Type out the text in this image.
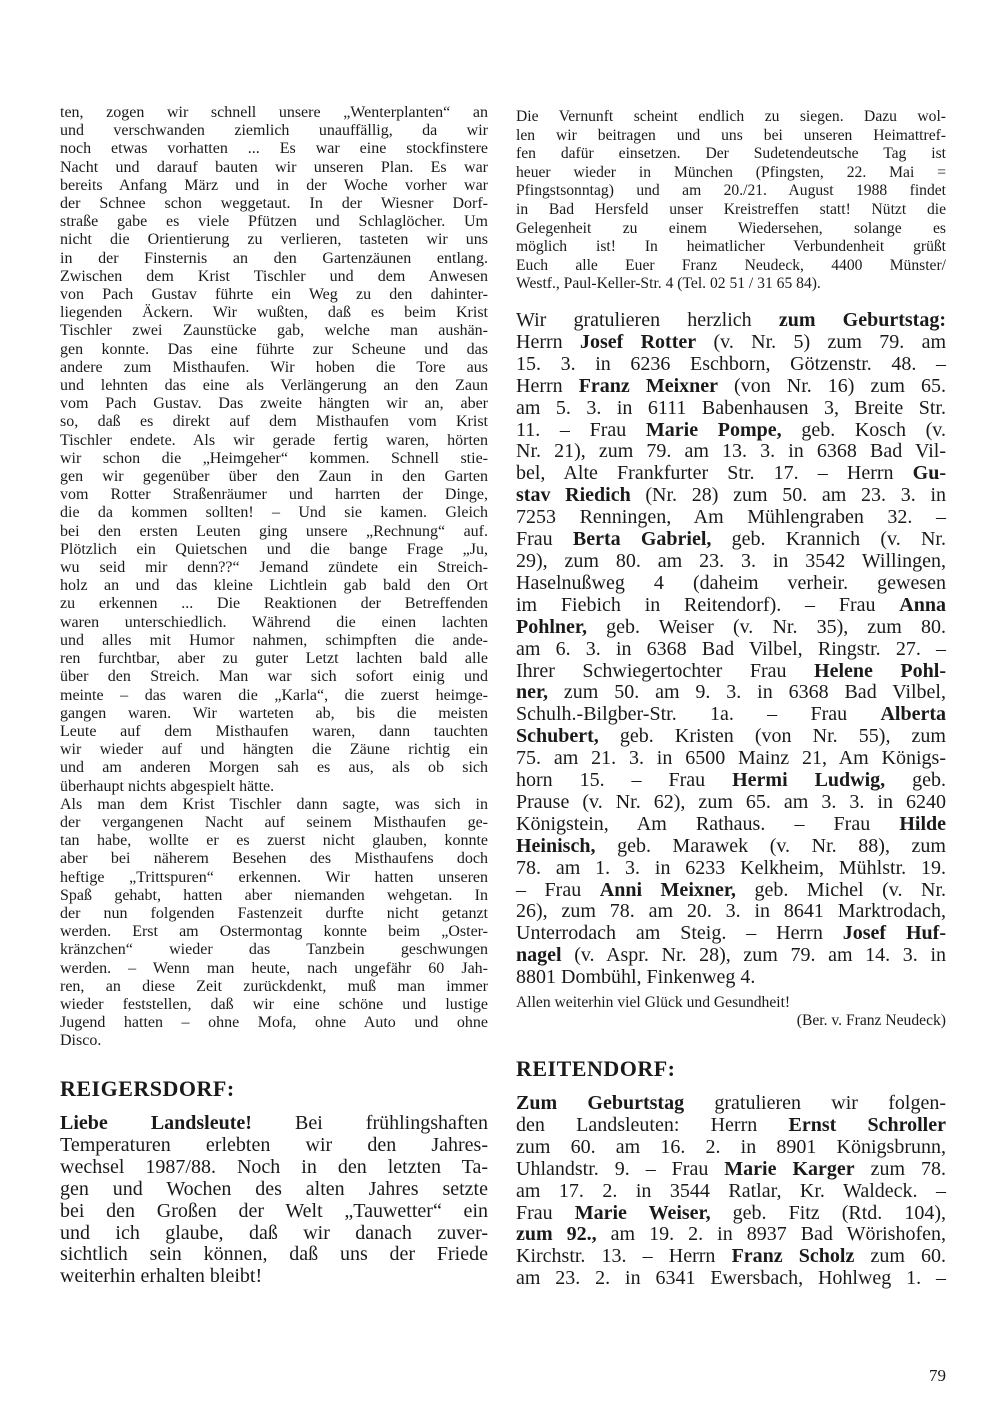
ten, zogen wir schnell unsere „Wenterplanten“ an
und verschwanden ziemlich unauffällig, da wir
noch etwas vorhatten ... Es war eine stockfinstere
Nacht und darauf bauten wir unseren Plan. Es war
bereits Anfang März und in der Woche vorher war
der Schnee schon weggetaut. In der Wiesner Dorf-
straße gabe es viele Pfützen und Schlaglöcher. Um
nicht die Orientierung zu verlieren, tasteten wir uns
in der Finsternis an den Gartenzäunen entlang.
Zwischen dem Krist Tischler und dem Anwesen
von Pach Gustav führte ein Weg zu den dahinter-
liegenden Äckern. Wir wußten, daß es beim Krist
Tischler zwei Zaunstücke gab, welche man aushän-
gen konnte. Das eine führte zur Scheune und das
andere zum Misthaufen. Wir hoben die Tore aus
und lehnten das eine als Verlängerung an den Zaun
vom Pach Gustav. Das zweite hängten wir an, aber
so, daß es direkt auf dem Misthaufen vom Krist
Tischler endete. Als wir gerade fertig waren, hörten
wir schon die „Heimgeher“ kommen. Schnell stie-
gen wir gegenüber über den Zaun in den Garten
vom Rotter Straßenräumer und harrten der Dinge,
die da kommen sollten! – Und sie kamen. Gleich
bei den ersten Leuten ging unsere „Rechnung“ auf.
Plötzlich ein Quietschen und die bange Frage „Ju,
wu seid mir denn??“ Jemand zündete ein Streich-
holz an und das kleine Lichtlein gab bald den Ort
zu erkennen ... Die Reaktionen der Betreffenden
waren unterschiedlich. Während die einen lachten
und alles mit Humor nahmen, schimpften die ande-
ren furchtbar, aber zu guter Letzt lachten bald alle
über den Streich. Man war sich sofort einig und
meinte – das waren die „Karla“, die zuerst heimge-
gangen waren. Wir warteten ab, bis die meisten
Leute auf dem Misthaufen waren, dann tauchten
wir wieder auf und hängten die Zäune richtig ein
und am anderen Morgen sah es aus, als ob sich
überhaupt nichts abgespielt hätte.
Als man dem Krist Tischler dann sagte, was sich in
der vergangenen Nacht auf seinem Misthaufen ge-
tan habe, wollte er es zuerst nicht glauben, konnte
aber bei näherem Besehen des Misthaufens doch
heftige „Trittspuren“ erkennen. Wir hatten unseren
Spaß gehabt, hatten aber niemanden wehgetan. In
der nun folgenden Fastenzeit durfte nicht getanzt
werden. Erst am Ostermontag konnte beim „Oster-
kränzchen“ wieder das Tanzbein geschwungen
werden. – Wenn man heute, nach ungefähr 60 Jah-
ren, an diese Zeit zurückdenkt, muß man immer
wieder feststellen, daß wir eine schöne und lustige
Jugend hatten – ohne Mofa, ohne Auto und ohne
Disco.
REIGERSDORF:
Liebe Landsleute! Bei frühlingshaften
Temperaturen erlebten wir den Jahres-
wechsel 1987/88. Noch in den letzten Ta-
gen und Wochen des alten Jahres setzte
bei den Großen der Welt „Tauwetter“ ein
und ich glaube, daß wir danach zuver-
sichtlich sein können, daß uns der Friede
weiterhin erhalten bleibt!
Die Vernunft scheint endlich zu siegen. Dazu wol-
len wir beitragen und uns bei unseren Heimattref-
fen dafür einsetzen. Der Sudetendeutsche Tag ist
heuer wieder in München (Pfingsten, 22. Mai =
Pfingstsonntag) und am 20./21. August 1988 findet
in Bad Hersfeld unser Kreistreffen statt! Nützt die
Gelegenheit zu einem Wiedersehen, solange es
möglich ist! In heimatlicher Verbundenheit grüßt
Euch alle Euer Franz Neudeck, 4400 Münster/
Westf., Paul-Keller-Str. 4 (Tel. 02 51 / 31 65 84).
Wir gratulieren herzlich zum Geburtstag:
Herrn Josef Rotter (v. Nr. 5) zum 79. am
15. 3. in 6236 Eschborn, Götzenstr. 48. –
Herrn Franz Meixner (von Nr. 16) zum 65.
am 5. 3. in 6111 Babenhausen 3, Breite Str.
11. – Frau Marie Pompe, geb. Kosch (v.
Nr. 21), zum 79. am 13. 3. in 6368 Bad Vil-
bel, Alte Frankfurter Str. 17. – Herrn Gu-
stav Riedich (Nr. 28) zum 50. am 23. 3. in
7253 Renningen, Am Mühlengraben 32. –
Frau Berta Gabriel, geb. Krannich (v. Nr.
29), zum 80. am 23. 3. in 3542 Willingen,
Haselnußweg 4 (daheim verheir. gewesen
im Fiebich in Reitendorf). – Frau Anna
Pohlner, geb. Weiser (v. Nr. 35), zum 80.
am 6. 3. in 6368 Bad Vilbel, Ringstr. 27. –
Ihrer Schwiegertochter Frau Helene Pohl-
ner, zum 50. am 9. 3. in 6368 Bad Vilbel,
Schulh.-Bilgber-Str. 1a. – Frau Alberta
Schubert, geb. Kristen (von Nr. 55), zum
75. am 21. 3. in 6500 Mainz 21, Am Königs-
horn 15. – Frau Hermi Ludwig, geb.
Prause (v. Nr. 62), zum 65. am 3. 3. in 6240
Königstein, Am Rathaus. – Frau Hilde
Heinisch, geb. Marawek (v. Nr. 88), zum
78. am 1. 3. in 6233 Kelkheim, Mühlstr. 19.
– Frau Anni Meixner, geb. Michel (v. Nr.
26), zum 78. am 20. 3. in 8641 Marktrodach,
Unterrodach am Steig. – Herrn Josef Huf-
nagel (v. Aspr. Nr. 28), zum 79. am 14. 3. in
8801 Dombühl, Finkenweg 4.
Allen weiterhin viel Glück und Gesundheit!
(Ber. v. Franz Neudeck)
REITENDORF:
Zum Geburtstag gratulieren wir folgen-
den Landsleuten: Herrn Ernst Schroller
zum 60. am 16. 2. in 8901 Königsbrunn,
Uhlandstr. 9. – Frau Marie Karger zum 78.
am 17. 2. in 3544 Ratlar, Kr. Waldeck. –
Frau Marie Weiser, geb. Fitz (Rtd. 104),
zum 92., am 19. 2. in 8937 Bad Wörishofen,
Kirchstr. 13. – Herrn Franz Scholz zum 60.
am 23. 2. in 6341 Ewersbach, Hohlweg 1. –
79
